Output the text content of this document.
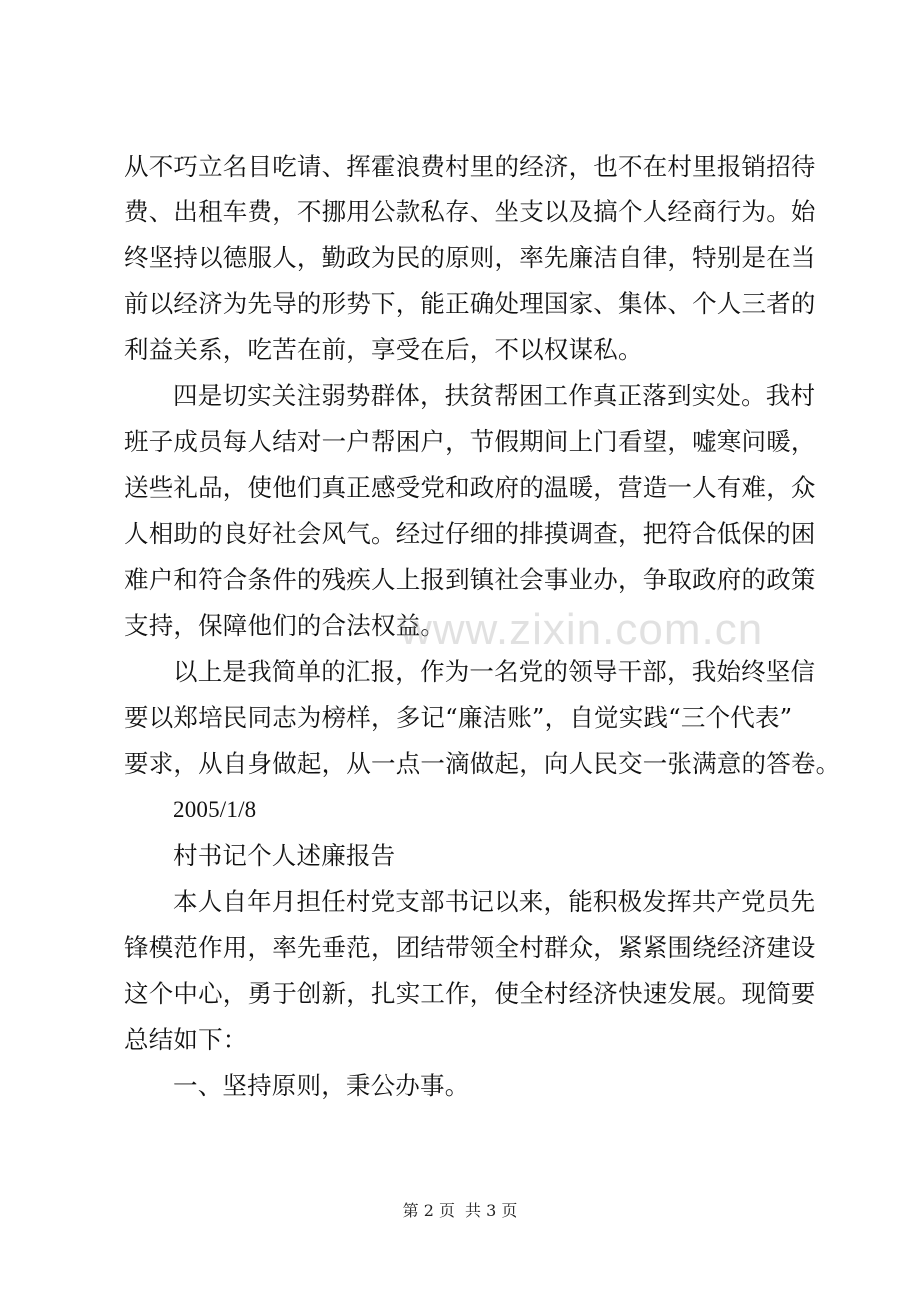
从不巧立名目吃请、挥霍浪费村里的经济，也不在村里报销招待
费、出租车费，不挪用公款私存、坐支以及搞个人经商行为。始
终坚持以德服人，勤政为民的原则，率先廉洁自律，特别是在当
前以经济为先导的形势下，能正确处理国家、集体、个人三者的
利益关系，吃苦在前，享受在后，不以权谋私。
四是切实关注弱势群体，扶贫帮困工作真正落到实处。我村
班子成员每人结对一户帮困户，节假期间上门看望，嘘寒问暖，
送些礼品，使他们真正感受党和政府的温暖，营造一人有难，众
人相助的良好社会风气。经过仔细的排摸调查，把符合低保的困
难户和符合条件的残疾人上报到镇社会事业办，争取政府的政策
支持，保障他们的合法权益。
以上是我简单的汇报，作为一名党的领导干部，我始终坚信
要以郑培民同志为榜样，多记“廉洁账”，自觉实践“三个代表”
要求，从自身做起，从一点一滴做起，向人民交一张满意的答卷。
2005/1/8
村书记个人述廉报告
本人自年月担任村党支部书记以来，能积极发挥共产党员先
锋模范作用，率先垂范，团结带领全村群众，紧紧围绕经济建设
这个中心，勇于创新，扎实工作，使全村经济快速发展。现简要
总结如下：
一、坚持原则，秉公办事。
www.zixin.com.cn
第 2 页 共 3 页
